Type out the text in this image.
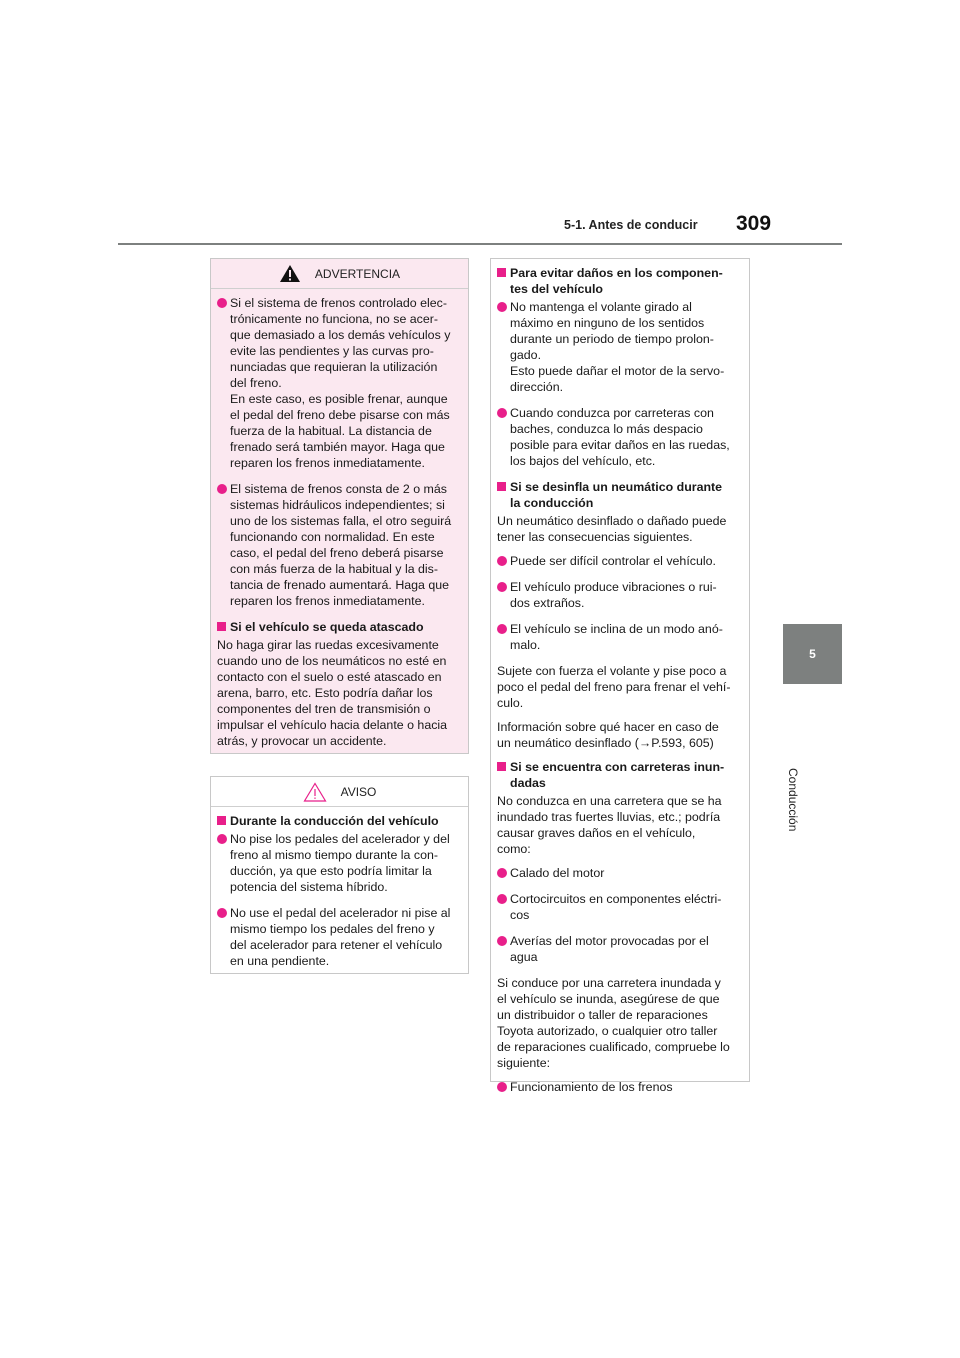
5-1. Antes de conducir 309
5
Conducción
ADVERTENCIA
Si el sistema de frenos controlado elec-
trónicamente no funciona, no se acer-
que demasiado a los demás vehículos y
evite las pendientes y las curvas pro-
nunciadas que requieran la utilización
del freno.
En este caso, es posible frenar, aunque
el pedal del freno debe pisarse con más
fuerza de la habitual. La distancia de
frenado será también mayor. Haga que
reparen los frenos inmediatamente.
El sistema de frenos consta de 2 o más
sistemas hidráulicos independientes; si
uno de los sistemas falla, el otro seguirá
funcionando con normalidad. En este
caso, el pedal del freno deberá pisarse
con más fuerza de la habitual y la dis-
tancia de frenado aumentará. Haga que
reparen los frenos inmediatamente.
Si el vehículo se queda atascado
No haga girar las ruedas excesivamente
cuando uno de los neumáticos no esté en
contacto con el suelo o esté atascado en
arena, barro, etc. Esto podría dañar los
componentes del tren de transmisión o
impulsar el vehículo hacia delante o hacia
atrás, y provocar un accidente.
AVISO
Durante la conducción del vehículo
No pise los pedales del acelerador y del
freno al mismo tiempo durante la con-
ducción, ya que esto podría limitar la
potencia del sistema híbrido.
No use el pedal del acelerador ni pise al
mismo tiempo los pedales del freno y
del acelerador para retener el vehículo
en una pendiente.
Para evitar daños en los componen-
tes del vehículo
No mantenga el volante girado al
máximo en ninguno de los sentidos
durante un periodo de tiempo prolon-
gado.
Esto puede dañar el motor de la servo-
dirección.
Cuando conduzca por carreteras con
baches, conduzca lo más despacio
posible para evitar daños en las ruedas,
los bajos del vehículo, etc.
Si se desinfla un neumático durante
la conducción
Un neumático desinflado o dañado puede
tener las consecuencias siguientes.
Puede ser difícil controlar el vehículo.
El vehículo produce vibraciones o rui-
dos extraños.
El vehículo se inclina de un modo anó-
malo.
Sujete con fuerza el volante y pise poco a
poco el pedal del freno para frenar el vehí-
culo.
Información sobre qué hacer en caso de
un neumático desinflado (→P.593, 605)
Si se encuentra con carreteras inun-
dadas
No conduzca en una carretera que se ha
inundado tras fuertes lluvias, etc.; podría
causar graves daños en el vehículo,
como:
Calado del motor
Cortocircuitos en componentes eléctri-
cos
Averías del motor provocadas por el
agua
Si conduce por una carretera inundada y
el vehículo se inunda, asegúrese de que
un distribuidor o taller de reparaciones
Toyota autorizado, o cualquier otro taller
de reparaciones cualificado, compruebe lo
siguiente:
Funcionamiento de los frenos
